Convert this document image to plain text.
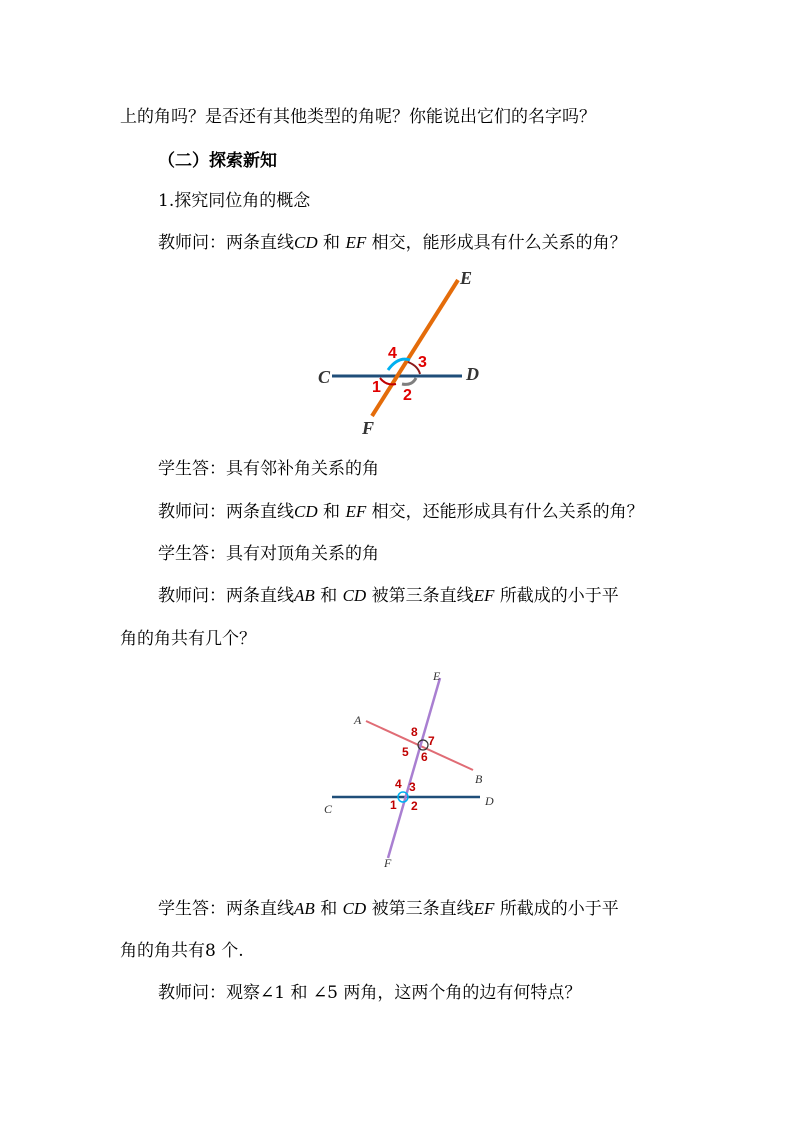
上的角吗？是否还有其他类型的角呢？你能说出它们的名字吗？
（二）探索新知
1.探究同位角的概念
教师问：两条直线CD 和 EF 相交，能形成具有什么关系的角？
E
C	D
F
4
3
1 2
学生答：具有邻补角关系的角
教师问：两条直线CD 和 EF 相交，还能形成具有什么关系的角？
学生答：具有对顶角关系的角
教师问：两条直线AB 和 CD 被第三条直线EF 所截成的小于平
角的角共有几个？
E
A
B
C
D
F
8
7
5 6
4 3
1 2
学生答：两条直线AB 和 CD 被第三条直线EF 所截成的小于平
角的角共有8 个.
教师问：观察∠1 和 ∠5 两角，这两个角的边有何特点？
